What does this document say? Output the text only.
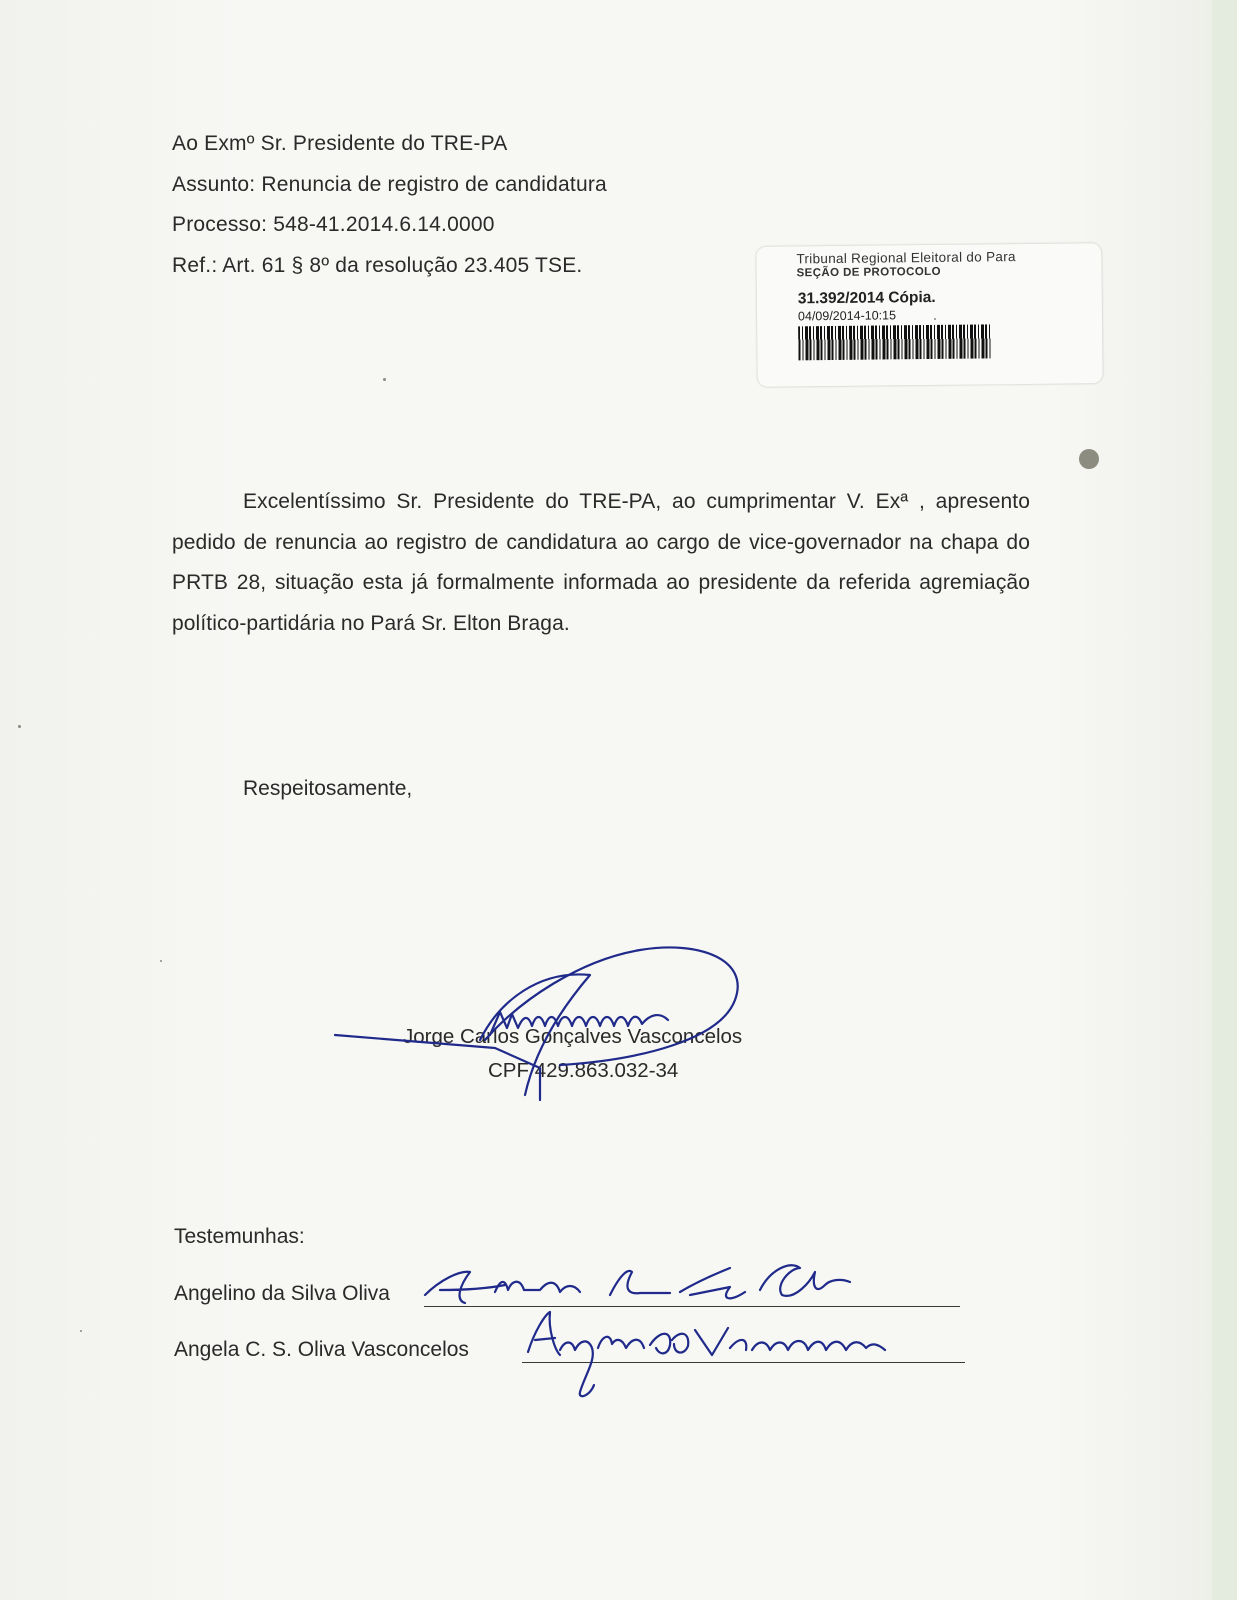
Ao Exmº Sr. Presidente do TRE-PA
Assunto: Renuncia de registro de candidatura
Processo: 548-41.2014.6.14.0000
Ref.: Art. 61 § 8º da resolução 23.405 TSE.	Tribunal Regional Eleitoral do Para
SEÇÃO DE PROTOCOLO
31.392/2014 Cópia.
04/09/2014-10:15
Excelentíssimo Sr. Presidente do TRE-PA, ao cumprimentar V. Exª , apresento pedido de renuncia ao registro de candidatura ao cargo de vice-governador na chapa do PRTB 28, situação esta já formalmente informada ao presidente da referida agremiação político-partidária no Pará Sr. Elton Braga.
Respeitosamente,
Jorge Carlos Gonçalves Vasconcelos
CPF 429.863.032-34
Testemunhas:
Angelino da Silva Oliva
Angela C. S. Oliva Vasconcelos
